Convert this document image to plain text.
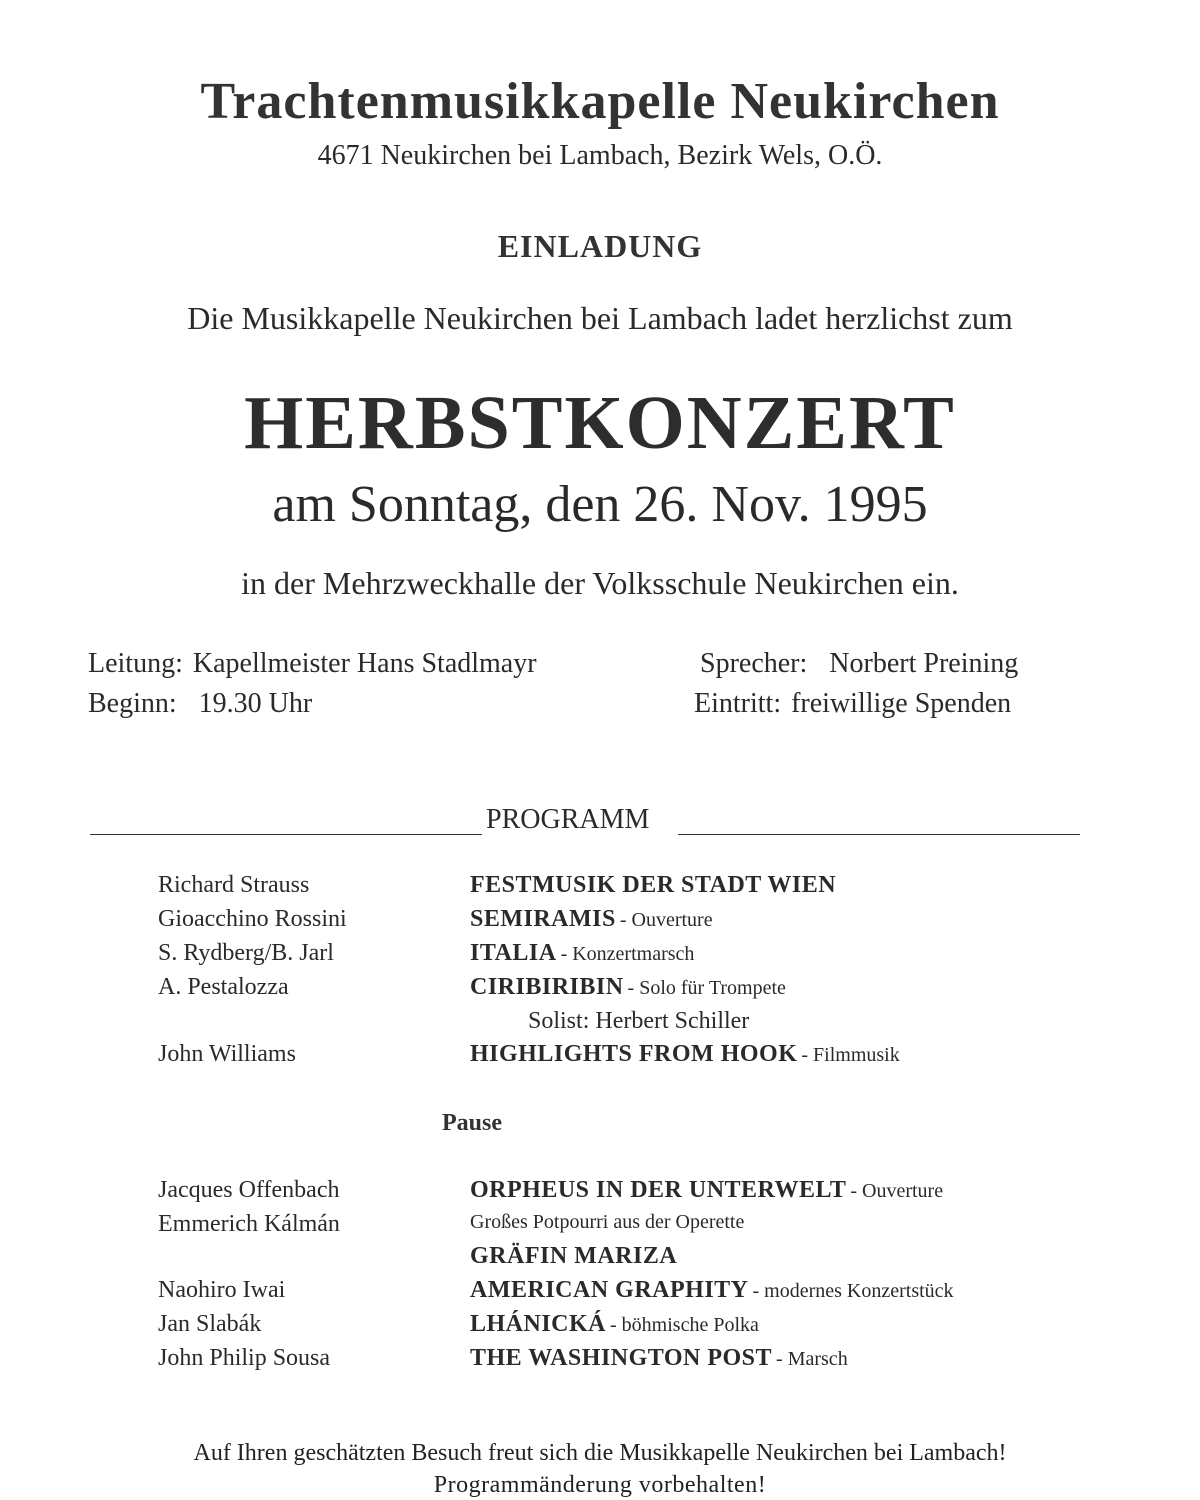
Trachtenmusikkapelle Neukirchen
4671 Neukirchen bei Lambach, Bezirk Wels, O.Ö.
EINLADUNG
Die Musikkapelle Neukirchen bei Lambach ladet herzlichst zum
HERBSTKONZERT
am Sonntag, den 26. Nov. 1995
in der Mehrzweckhalle der Volksschule Neukirchen ein.
Leitung: Kapellmeister Hans Stadlmayr
Beginn: 19.30 Uhr
Sprecher: Norbert Preining
Eintritt: freiwillige Spenden
PROGRAMM
Richard Strauss	FESTMUSIK DER STADT WIEN
Gioacchino Rossini	SEMIRAMIS - Ouverture
S. Rydberg/B. Jarl	ITALIA - Konzertmarsch
A. Pestalozza	CIRIBIRIBIN - Solo für Trompete
Solist: Herbert Schiller
John Williams	HIGHLIGHTS FROM HOOK - Filmmusik
Pause
Jacques Offenbach	ORPHEUS IN DER UNTERWELT - Ouverture
Emmerich Kálmán	Großes Potpourri aus der Operette
GRÄFIN MARIZA
Naohiro Iwai	AMERICAN GRAPHITY - modernes Konzertstück
Jan Slabák	LHÁNICKÁ - böhmische Polka
John Philip Sousa	THE WASHINGTON POST - Marsch
Auf Ihren geschätzten Besuch freut sich die Musikkapelle Neukirchen bei Lambach!
Programmänderung vorbehalten!
